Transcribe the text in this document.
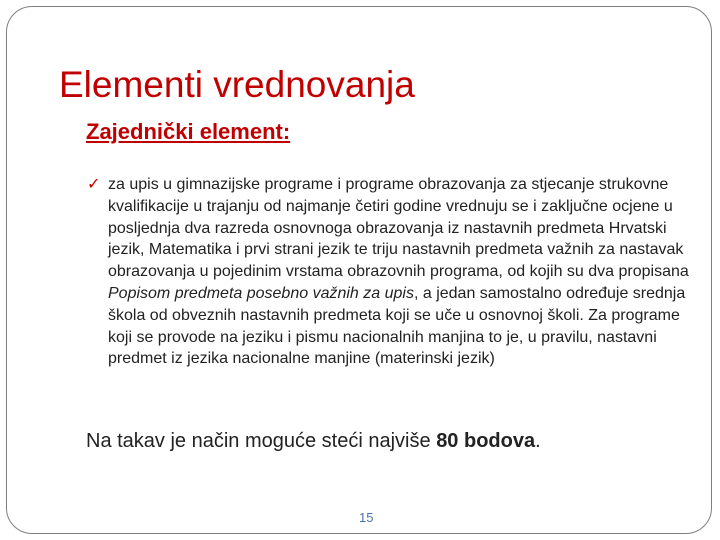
Elementi vrednovanja
Zajednički element:
✓ za upis u gimnazijske programe i programe obrazovanja za stjecanje strukovne kvalifikacije u trajanju od najmanje četiri godine vrednuju se i zaključne ocjene u posljednja dva razreda osnovnoga obrazovanja iz nastavnih predmeta Hrvatski jezik, Matematika i prvi strani jezik te triju nastavnih predmeta važnih za nastavak obrazovanja u pojedinim vrstama obrazovnih programa, od kojih su dva propisana Popisom predmeta posebno važnih za upis, a jedan samostalno određuje srednja škola od obveznih nastavnih predmeta koji se uče u osnovnoj školi. Za programe koji se provode na jeziku i pismu nacionalnih manjina to je, u pravilu, nastavni predmet iz jezika nacionalne manjine (materinski jezik)
Na takav je način moguće steći najviše 80 bodova.
15
